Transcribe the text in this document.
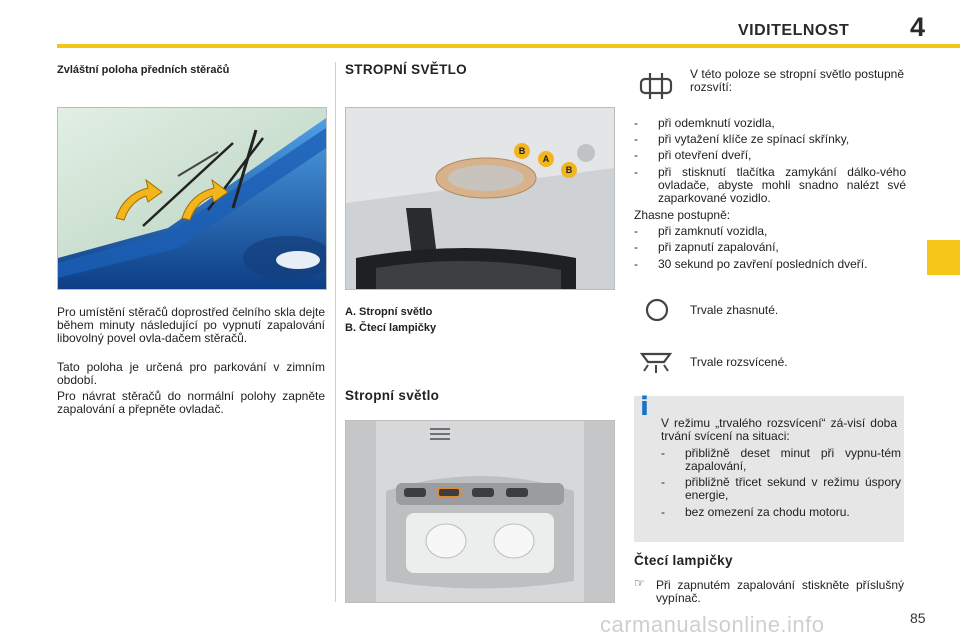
VIDITELNOST 4
Zvláštní poloha předních stěračů
Pro umístění stěračů doprostřed čelního skla dejte během minuty následující po vypnutí zapalování libovolný povel ovla-dačem stěračů.
Tato poloha je určená pro parkování v zimním období.
Pro návrat stěračů do normální polohy zapněte zapalování a přepněte ovladač.
STROPNÍ SVĚTLO
B
A
B
A. Stropní světlo
B. Čtecí lampičky
Stropní světlo
V této poloze se stropní světlo postupně rozsvítí:
- při odemknutí vozidla,
- při vytažení klíče ze spínací skřínky,
- při otevření dveří,
- při stisknutí tlačítka zamykání dálko-vého ovladače, abyste mohli snadno nalézt své zaparkované vozidlo.
Zhasne postupně:
- při zamknutí vozidla,
- při zapnutí zapalování,
- 30 sekund po zavření posledních dveří.
Trvale zhasnuté.
Trvale rozsvícené.
i
V režimu „trvalého rozsvícení“ zá-visí doba trvání svícení na situaci:
- přibližně deset minut při vypnu-tém zapalování,
- přibližně třicet sekund v režimu úspory energie,
- bez omezení za chodu motoru.
Čtecí lampičky
☞ Při zapnutém zapalování stiskněte příslušný vypínač.
85
carmanualsonline.info
